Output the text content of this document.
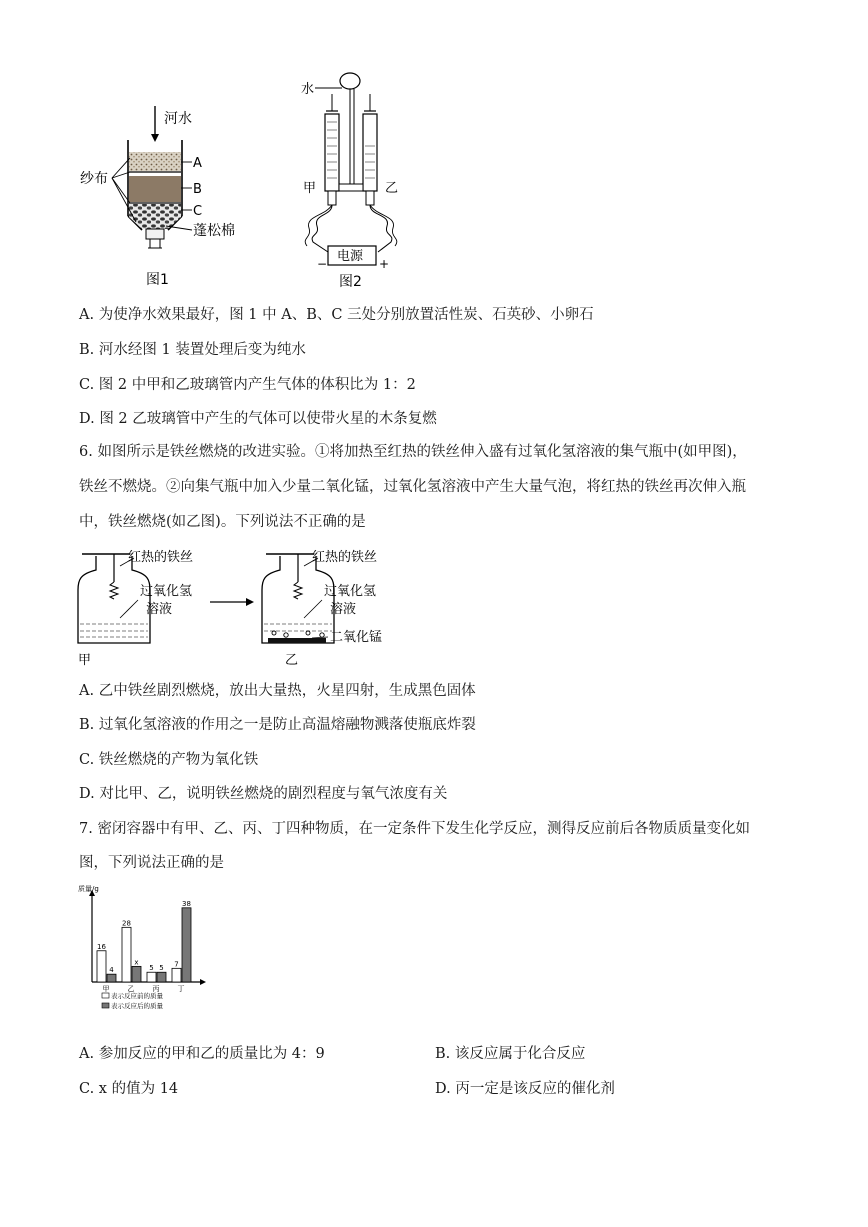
河水
纱布
A
B
C
蓬松棉
图1
水
甲	乙
电源
−	+
图2
A. 为使净水效果最好，图 1 中 A、B、C 三处分别放置活性炭、石英砂、小卵石
B. 河水经图 1 装置处理后变为纯水
C. 图 2 中甲和乙玻璃管内产生气体的体积比为 1：2
D. 图 2 乙玻璃管中产生的气体可以使带火星的木条复燃
6. 如图所示是铁丝燃烧的改进实验。①将加热至红热的铁丝伸入盛有过氧化氢溶液的集气瓶中(如甲图)，
铁丝不燃烧。②向集气瓶中加入少量二氧化锰，过氧化氢溶液中产生大量气泡，将红热的铁丝再次伸入瓶
中，铁丝燃烧(如乙图)。下列说法不正确的是
红热的铁丝
过氧化氢
溶液
甲
红热的铁丝
过氧化氢
溶液
二氧化锰
乙
A. 乙中铁丝剧烈燃烧，放出大量热，火星四射，生成黑色固体
B. 过氧化氢溶液的作用之一是防止高温熔融物溅落使瓶底炸裂
C. 铁丝燃烧的产物为氧化铁
D. 对比甲、乙，说明铁丝燃烧的剧烈程度与氧气浓度有关
7. 密闭容器中有甲、乙、丙、丁四种物质，在一定条件下发生化学反应，测得反应前后各物质质量变化如
图，下列说法正确的是
质量/g
16
4
甲
28
x
乙
5 5
丙
7
38
丁
表示反应前的质量
表示反应后的质量
A. 参加反应的甲和乙的质量比为 4：9	B. 该反应属于化合反应
C. x 的值为 14	D. 丙一定是该反应的催化剂
